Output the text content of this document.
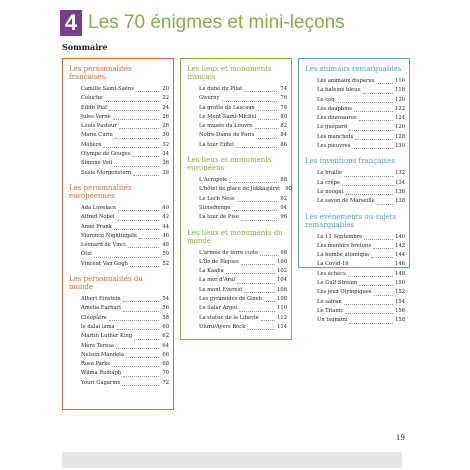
4 Les 70 énigmes et mini-leçons
Sommaire
Les personnalités françaises
Camille Saint-Saëns	20
Coluche	22
Édith Piaf	24
Jules Verne	26
Louis Pasteur	28
Marie Curie	30
Molière	32
Olympe de Gouges	34
Simone Veil	36
Susie Morgenstern	38
Les personnalités européennes
Ada Lovelace	40
Alfred Nobel	42
Anne Frank	44
Florence Nightingale	46
Léonard de Vinci	48
Ötzi	50
Vincent Van Gogh	52
Les personnalités du monde
Albert Einstein	54
Amelia Earhart	56
Cléopâtre	58
le dalaï lama	60
Martin Luther King	62
Mère Teresa	64
Nelson Mandela	66
Rosa Parks	68
Wilma Rudolph	70
Youri Gagarine	72
Les lieux et monuments français
Le dune du Pilat	74
Giverny	76
La grotte de Lascaux	78
Le Mont-Saint-Michel	80
Le musée du Louvre	82
Notre-Dame de Paris	84
La tour Eiffel	86
Les lieux et monuments européens
L'Acropole	88
L'hôtel de glace de Jukkasjärvi 90
Le Loch Ness	92
Stonehenge	94
La tour de Pise	96
Les lieux et monuments du monde
L'armée de terre cuite	98
L'île de Pâques	100
La Kaaba	102
La mer d'Aral	104
Le mont Everest	106
Les pyramides de Gizeh	108
Le Salar Argol	110
La statue de la Liberté	112
Uluru/Ayers Rock	114
Les animaux remarquables
Les animaux disparus	116
La baleine bleue	118
Le coq	120
Les dauphins	122
Les dinosaures	124
Le guépard	126
Les manchots	128
Les pieuvres	130
Les inventions françaises
Le braille	132
La crêpe	134
Le nougat	136
Le savon de Marseille	138
Les événements ou sujets remarquables
Le 11 Septembre	140
Les menhirs bretons	142
La bombe atomique	144
La Covid-19	146
Les échecs	148
Le Gulf Stream	150
Les jeux Olympiques	152
Le safran	154
Le Titanic	156
Un tsunami	158
19
